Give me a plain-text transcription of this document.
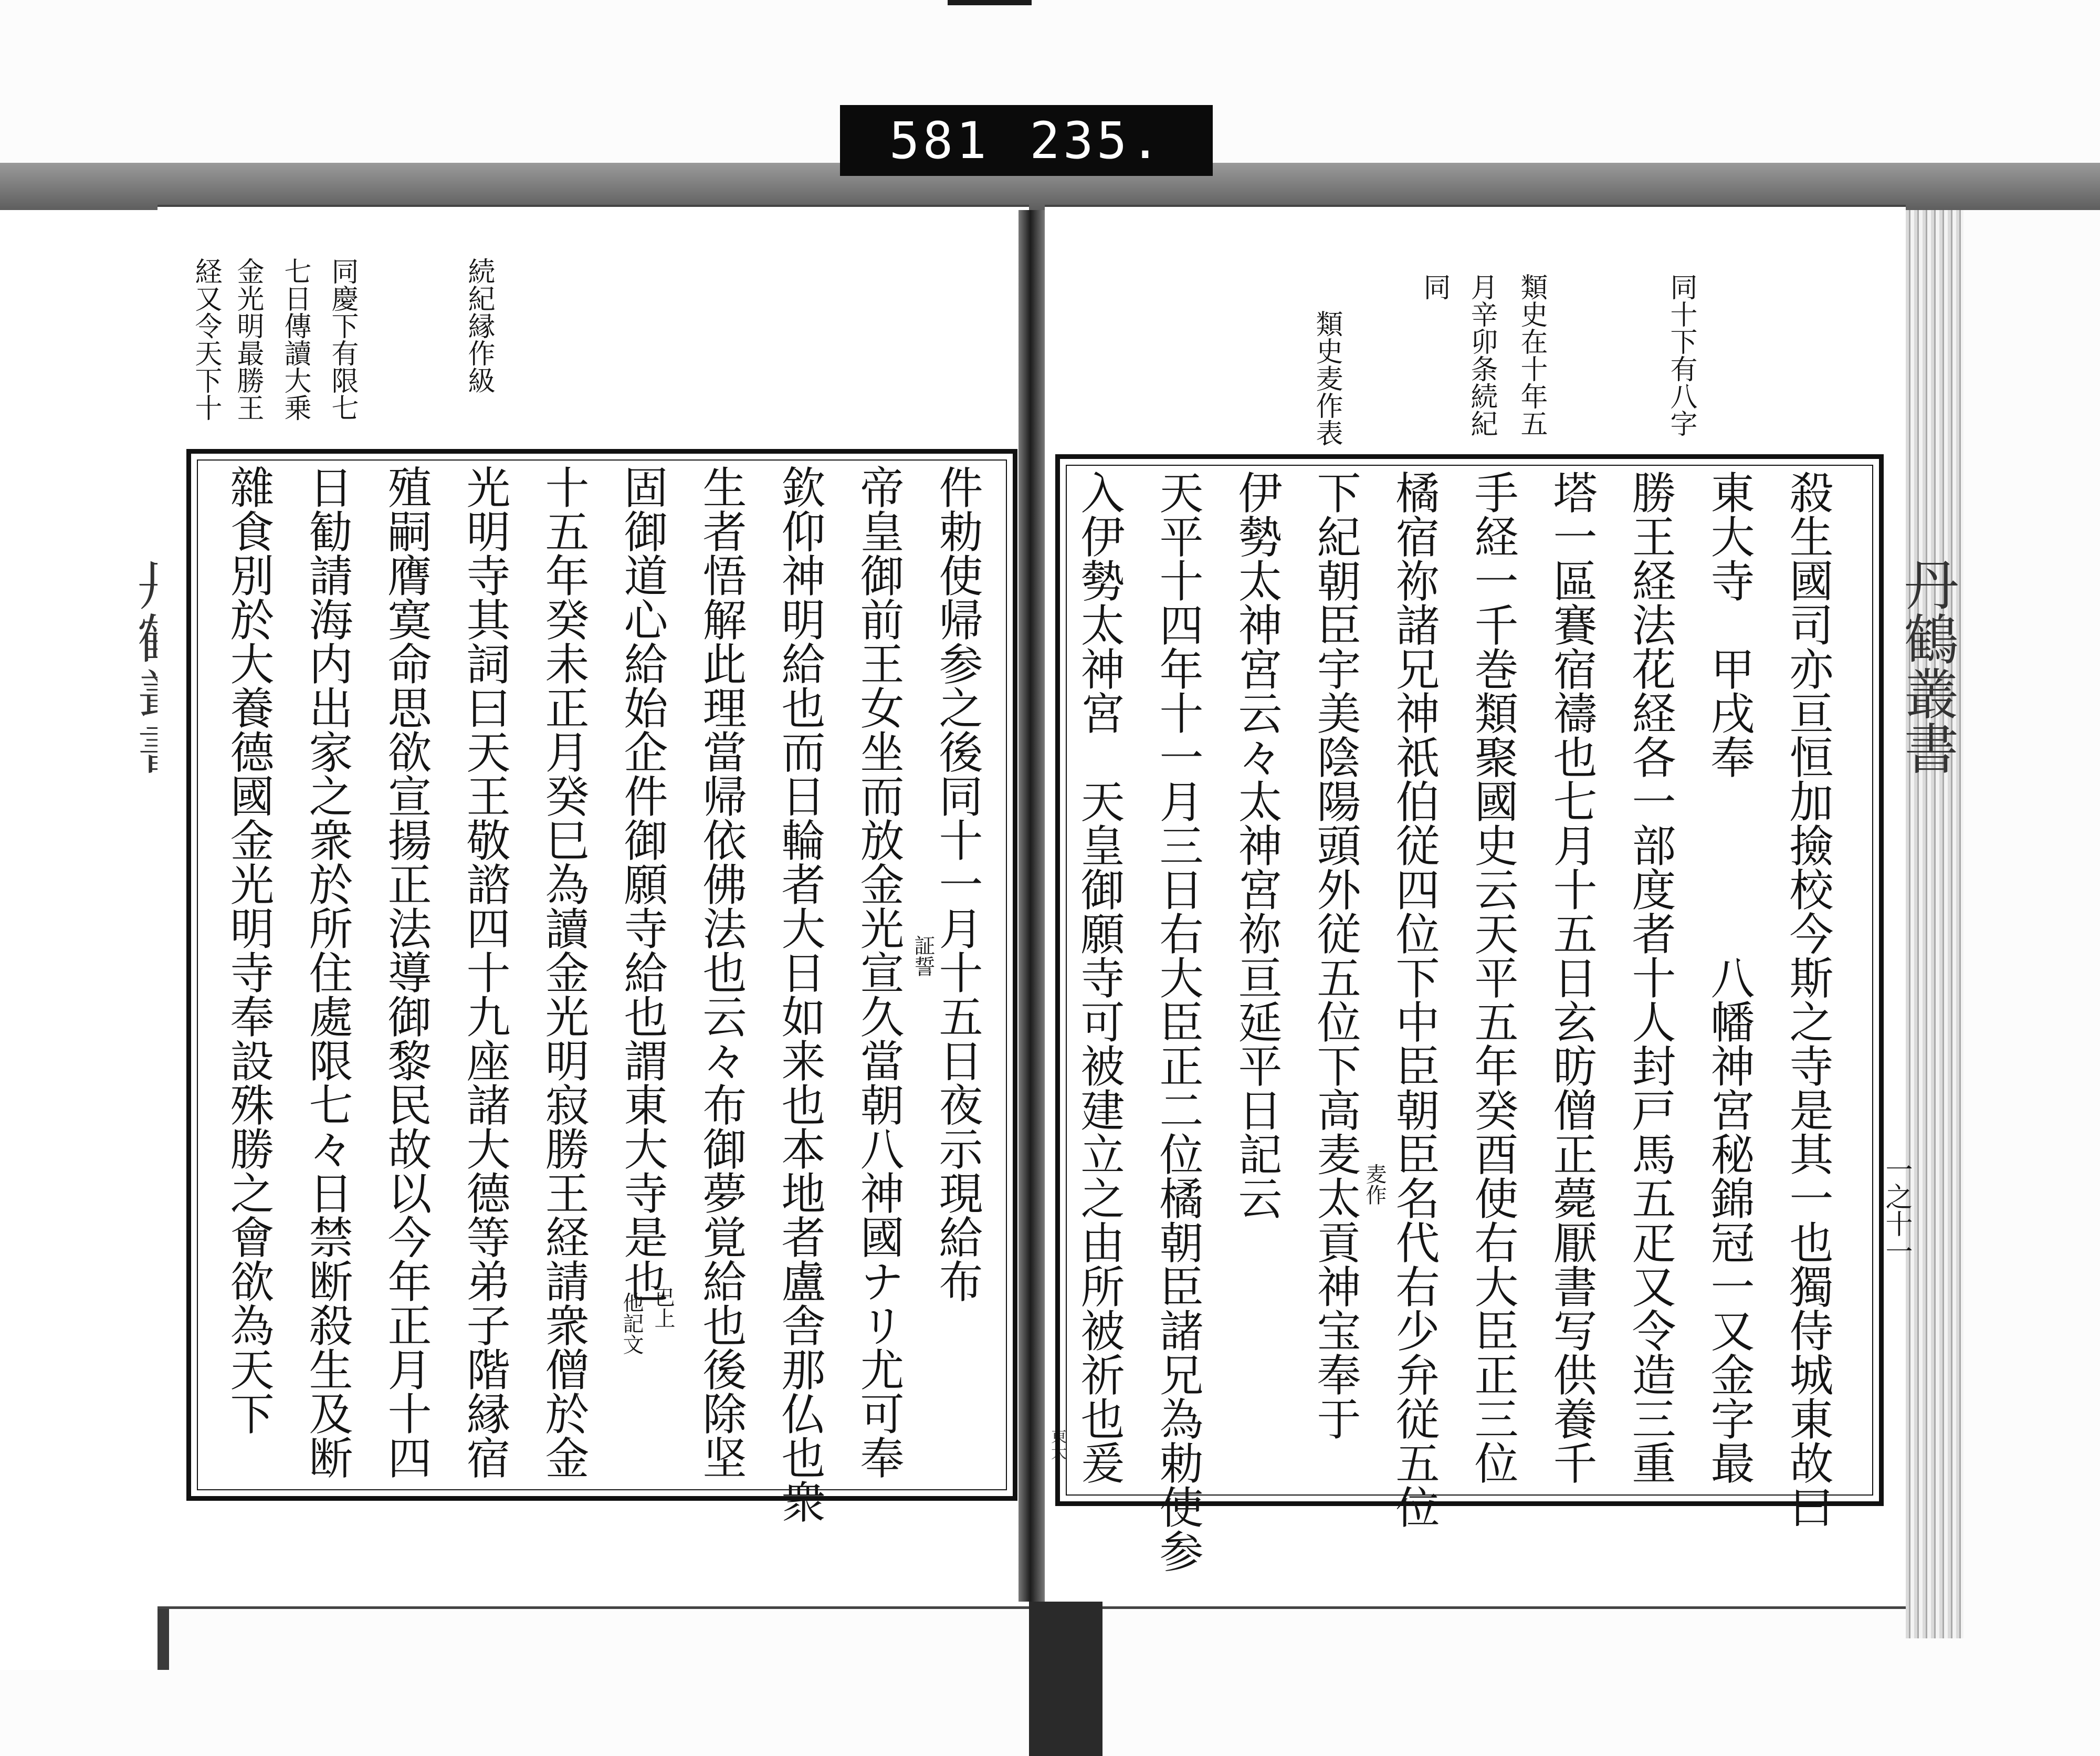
581 235.
東大
丹鶴叢書
一之十一
同十下有八字
類史在十年五
月辛卯条続紀
同
類史麦作表
殺生國司亦亘恒加撿校今斯之寺是其一也獨侍城東故曰
東大寺　甲戌奉　　　　八幡神宮秘錦冠一又金字最
勝王経法花経各一部度者十人封戸馬五疋又令造三重
塔一區賽宿禱也七月十五日玄昉僧正薨厭書写供養千
手経一千巻類聚國史云天平五年癸酉使右大臣正三位
橘宿祢諸兄神祇伯従四位下中臣朝臣名代右少弁従五位
下紀朝臣宇美陰陽頭外従五位下高麦太貢神宝奉于
伊勢太神宮云々太神宮祢亘延平日記云
天平十四年十一月三日右大臣正二位橘朝臣諸兄為勅使参
入伊勢太神宮　天皇御願寺可被建立之由所被祈也爰	麦作
続紀縁作級
同慶下有限七
七日傳讀大乗
金光明最勝王
経又令天下十
件勅使帰参之後同十一月十五日夜示現給布
帝皇御前王女坐而放金光宣久當朝八神國ナリ尤可奉
欽仰神明給也而日輪者大日如来也本地者盧舎那仏也衆
生者悟解此理當帰依佛法也云々布御夢覚給也後除坚
固御道心給始企件御願寺給也謂東大寺是也
十五年癸未正月癸巳為讀金光明寂勝王経請衆僧於金
光明寺其詞曰天王敬諮四十九座諸大德等弟子階縁宿
殖嗣膺寞命思欲宣揚正法導御黎民故以今年正月十四
日勧請海内出家之衆於所住處限七々日禁断殺生及断
雜食別於大養德國金光明寺奉設殊勝之會欲為天下	已上
他記文
証誓
